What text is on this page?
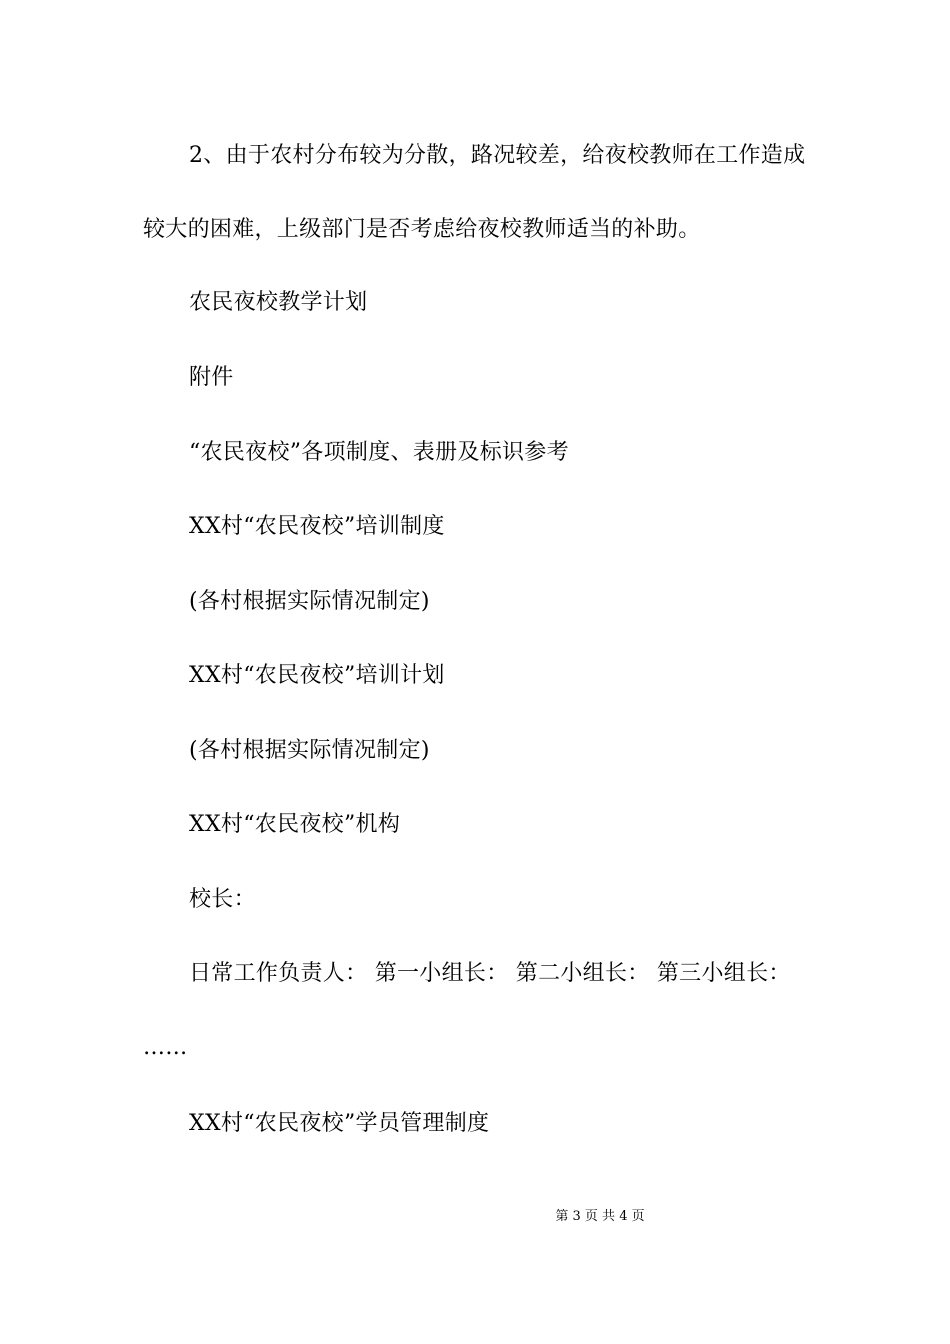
2、由于农村分布较为分散，路况较差，给夜校教师在工作造成
较大的困难，上级部门是否考虑给夜校教师适当的补助。
农民夜校教学计划
附件
“农民夜校”各项制度、表册及标识参考
XX村“农民夜校”培训制度
(各村根据实际情况制定)
XX村“农民夜校”培训计划
(各村根据实际情况制定)
XX村“农民夜校”机构
校长：
日常工作负责人： 第一小组长： 第二小组长： 第三小组长：
……
XX村“农民夜校”学员管理制度
第 3 页 共 4 页
